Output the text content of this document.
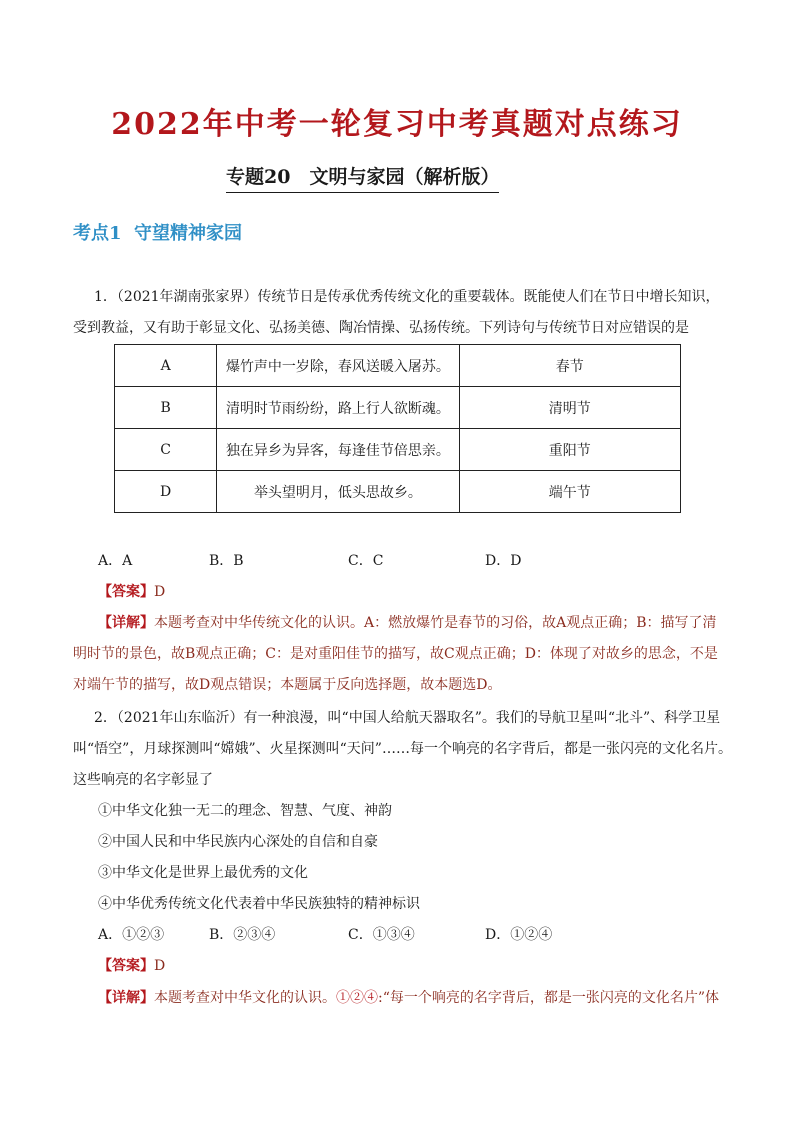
2022年中考一轮复习中考真题对点练习
专题20　文明与家园（解析版）
考点1  守望精神家园
1．（2021年湖南张家界）传统节日是传承优秀传统文化的重要载体。既能使人们在节日中增长知识，
受到教益，又有助于彰显文化、弘扬美德、陶冶情操、弘扬传统。下列诗句与传统节日对应错误的是
A	爆竹声中一岁除，春风送暖入屠苏。	春节
B	清明时节雨纷纷，路上行人欲断魂。	清明节
C	独在异乡为异客，每逢佳节倍思亲。	重阳节
D	举头望明月，低头思故乡。	端午节
A．A	B．B	C．C	D．D
【答案】D
【详解】本题考查对中华传统文化的认识。A：燃放爆竹是春节的习俗，故A观点正确；B：描写了清
明时节的景色，故B观点正确；C：是对重阳佳节的描写，故C观点正确；D：体现了对故乡的思念，不是
对端午节的描写，故D观点错误；本题属于反向选择题，故本题选D。
2．（2021年山东临沂）有一种浪漫，叫“中国人给航天器取名”。我们的导航卫星叫“北斗”、科学卫星
叫“悟空”，月球探测叫“嫦娥”、火星探测叫“天问”……每一个响亮的名字背后，都是一张闪亮的文化名片。
这些响亮的名字彰显了
①中华文化独一无二的理念、智慧、气度、神韵
②中国人民和中华民族内心深处的自信和自豪
③中华文化是世界上最优秀的文化
④中华优秀传统文化代表着中华民族独特的精神标识
A．①②③	B．②③④	C．①③④	D．①②④
【答案】D
【详解】本题考查对中华文化的认识。①②④:“每一个响亮的名字背后，都是一张闪亮的文化名片”体
